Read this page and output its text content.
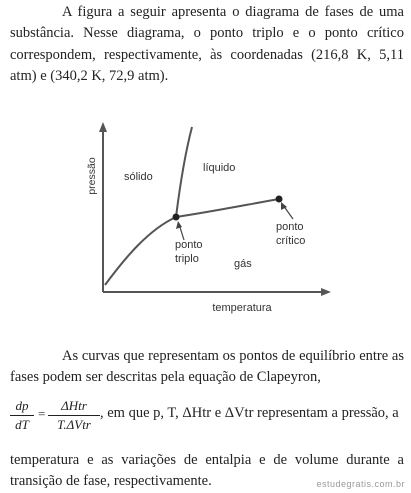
A figura a seguir apresenta o diagrama de fases de uma substância. Nesse diagrama, o ponto triplo e o ponto crítico correspondem, respectivamente, às coordenadas (216,8 K, 5,11 atm) e (340,2 K, 72,9 atm).

pressão
temperatura
sólido
líquido
gás
ponto
triplo
ponto
crítico

As curvas que representam os pontos de equilíbrio entre as fases podem ser descritas pela equação de Clapeyron,

dp
dT
=
ΔHtr
T.ΔVtr
, em que p, T, ΔHtr e ΔVtr representam a pressão, a

temperatura e as variações de entalpia e de volume durante a transição de fase, respectivamente.	estudegratis.com.br
